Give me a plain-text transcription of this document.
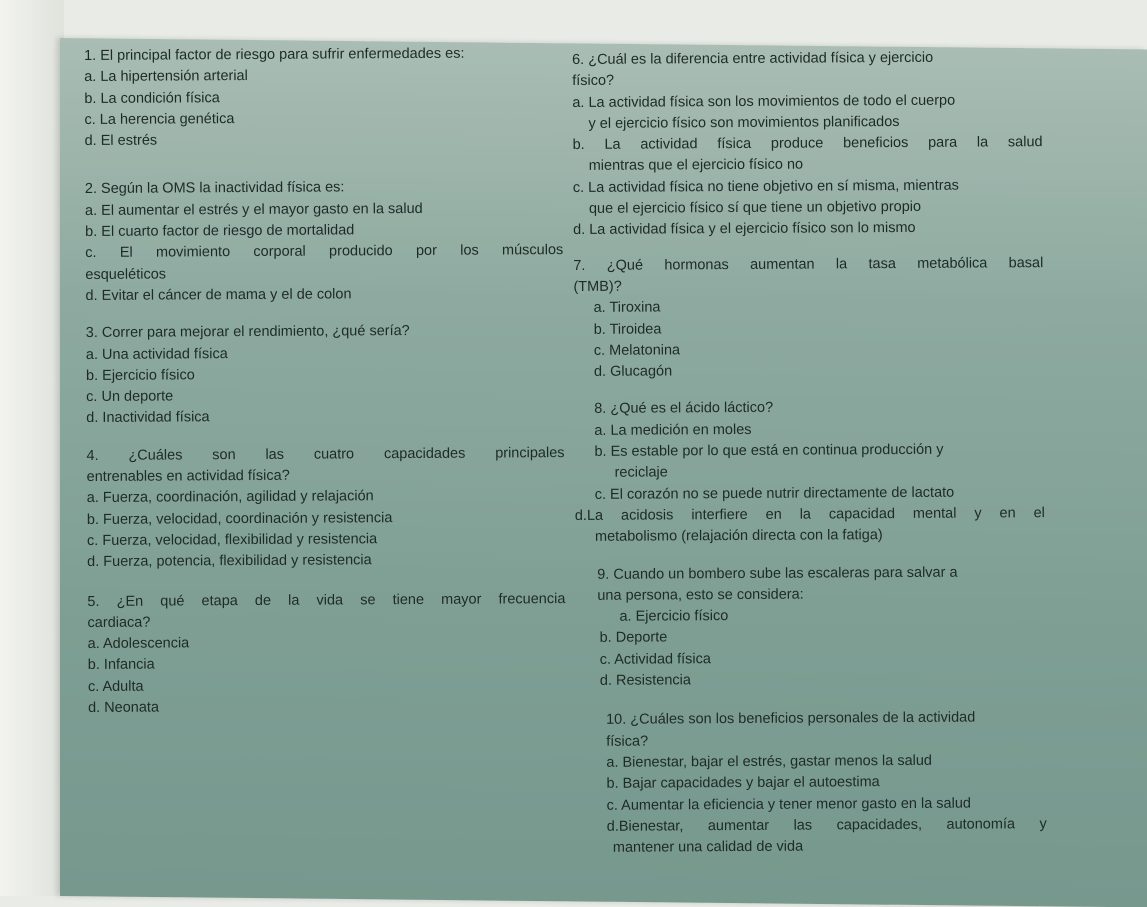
1. El principal factor de riesgo para sufrir enfermedades es:

a. La hipertensión arterial

b. La condición física

c. La herencia genética

d. El estrés

2. Según la OMS la inactividad física es:

a. El aumentar el estrés y el mayor gasto en la salud

b. El cuarto factor de riesgo de mortalidad

c. El movimiento corporal producido por los músculos

esqueléticos

d. Evitar el cáncer de mama y el de colon

3. Correr para mejorar el rendimiento, ¿qué sería?

a. Una actividad física

b. Ejercicio físico

c. Un deporte

d. Inactividad física

4. ¿Cuáles son las cuatro capacidades principales

entrenables en actividad física?

a. Fuerza, coordinación, agilidad y relajación

b. Fuerza, velocidad, coordinación y resistencia

c. Fuerza, velocidad, flexibilidad y resistencia

d. Fuerza, potencia, flexibilidad y resistencia

5. ¿En qué etapa de la vida se tiene mayor frecuencia

cardiaca?

a. Adolescencia

b. Infancia

c. Adulta

d. Neonata

6. ¿Cuál es la diferencia entre actividad física y ejercicio

físico?

a. La actividad física son los movimientos de todo el cuerpo

y el ejercicio físico son movimientos planificados

b. La actividad física produce beneficios para la salud

mientras que el ejercicio físico no

c. La actividad física no tiene objetivo en sí misma, mientras

que el ejercicio físico sí que tiene un objetivo propio

d. La actividad física y el ejercicio físico son lo mismo

7. ¿Qué hormonas aumentan la tasa metabólica basal

(TMB)?

a. Tiroxina

b. Tiroidea

c. Melatonina

d. Glucagón

8. ¿Qué es el ácido láctico?

a. La medición en moles

b. Es estable por lo que está en continua producción y

reciclaje

c. El corazón no se puede nutrir directamente de lactato

d.La acidosis interfiere en la capacidad mental y en el

metabolismo (relajación directa con la fatiga)

9. Cuando un bombero sube las escaleras para salvar a

una persona, esto se considera:

a. Ejercicio físico

b. Deporte

c. Actividad física

d. Resistencia

10. ¿Cuáles son los beneficios personales de la actividad

física?

a. Bienestar, bajar el estrés, gastar menos la salud

b. Bajar capacidades y bajar el autoestima

c. Aumentar la eficiencia y tener menor gasto en la salud

d.Bienestar, aumentar las capacidades, autonomía y

mantener una calidad de vida
